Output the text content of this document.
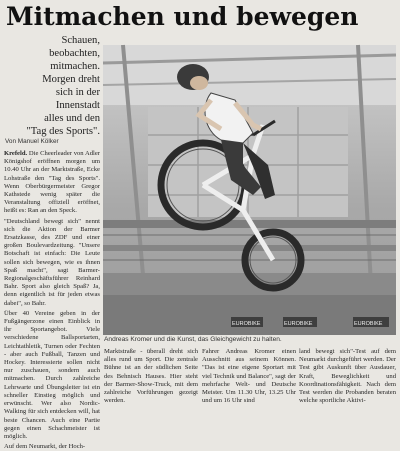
Mitmachen und bewegen
Schauen,
beobachten,
mitmachen.
Morgen dreht
sich in der
Innenstadt
alles und den
"Tag des Sports".
Von Manuel Kölker

Krefeld. Die Cheerleader von Adler Königshof eröffnen morgen um 10.40 Uhr an der Marktstraße, Ecke Lohstraße den "Tag des Sports". Wenn Oberbürgermeister Gregor Kathstede wenig später die Veranstaltung offiziell eröffnet, heißt es: Ran an den Speck.

"Deutschland bewegt sich" nennt sich die Aktion der Barmer Ersatzkasse, des ZDF und einer großen Boulevardzeitung. "Unsere Botschaft ist einfach: Die Leute sollen sich bewegen, wie es ihnen Spaß macht", sagt Barmer-Regionalgeschäftsführer Reinhard Bahr. Sport also gleich Spaß? Ja, denn eigentlich ist für jeden etwas dabei", so Bahr.

Über 40 Vereine geben in der Fußgängerzone einen Einblick in ihr Sportangebot. Viele verschiedene Ballsportarten, Leichtathletik, Turnen oder Fechten - aber auch Fußball, Tanzen und Hockey. Interessierte sollen nicht nur zuschauen, sondern auch mitmachen. Durch zahlreiche Lehrwarte und Übungsleiter ist ein schneller Einstieg möglich und erwünscht. Wer also Nordic-Walking für sich entdecken will, hat beste Chancen. Auch eine Partie gegen einen Schachmeister ist möglich.

Auf dem Neumarkt, der Hoch-

EUROBIKE	EUROBIKE	EUROBIKE
Andreas Kromer und die Kunst, das Gleichgewicht zu halten.

Marktstraße - überall dreht sich alles rund um Sport. Die zentrale Bühne ist an der südlichen Seite des Behnisch Hauses. Hier steht der Barmer-Show-Truck, mit dem zahlreiche Vorführungen gezeigt werden.

Fahrer Andreas Kromer einen Ausschnitt aus seinem Können. "Das ist eine eigene Sportart mit viel Technik und Balance", sagt der mehrfache Welt- und Deutsche Meister. Um 11.30 Uhr, 13.25 Uhr und um 16 Uhr sind

land bewegt sich"-Test auf dem Neumarkt durchgeführt werden. Der Test gibt Auskunft über Ausdauer, Kraft, Beweglichkeit und Koordinationsfähigkeit. Nach dem Test werden die Probanden beraten welche sportliche Aktivi-
